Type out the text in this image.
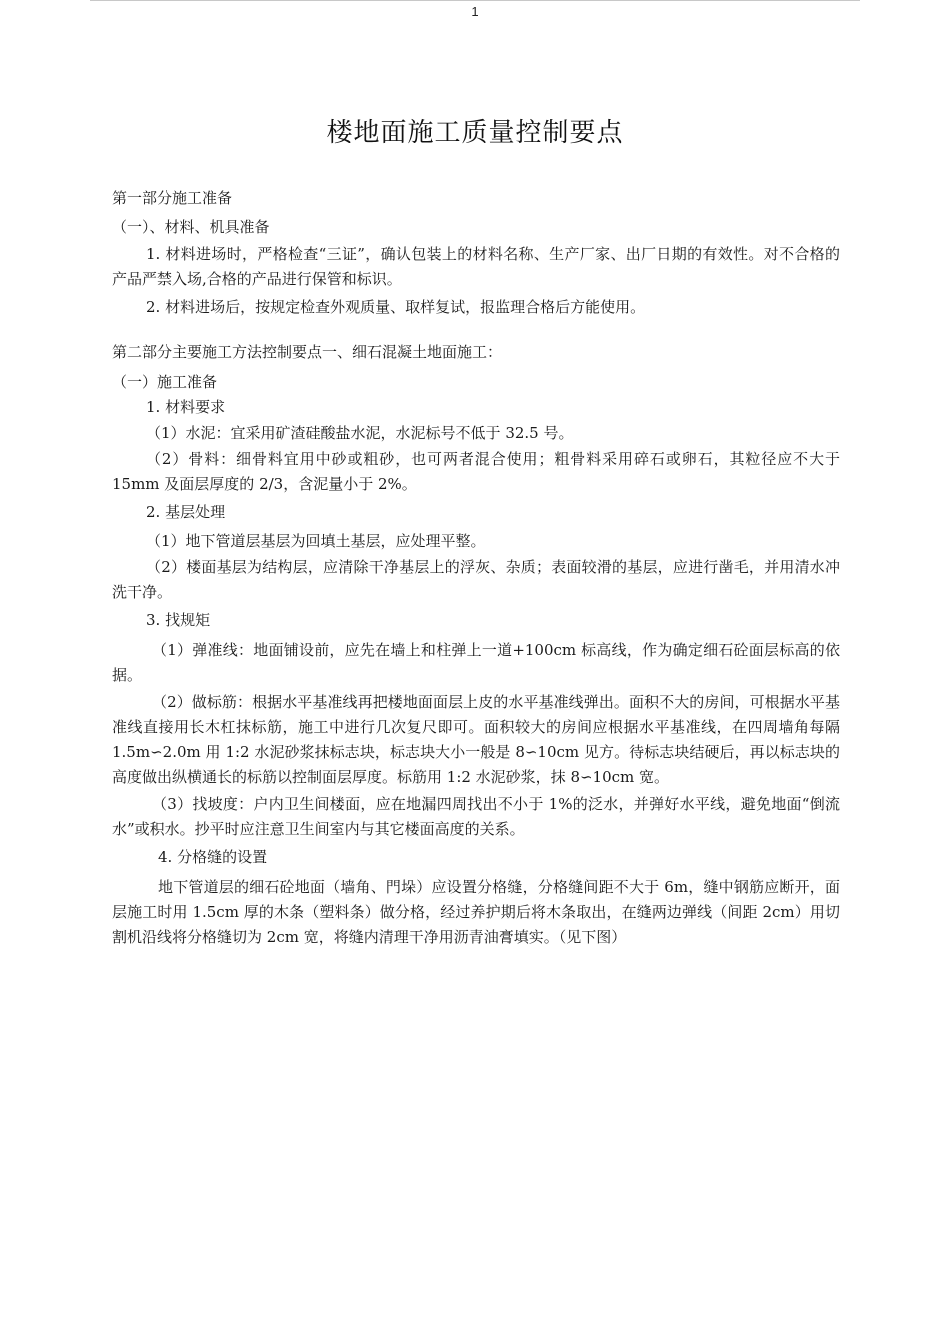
1
楼地面施工质量控制要点

第一部分施工准备

（一）、材料、机具准备

1. 材料进场时，严格检查“三证”，确认包装上的材料名称、生产厂家、出厂日期的有效性。对不合格的产品严禁入场,合格的产品进行保管和标识。

2. 材料进场后，按规定检查外观质量、取样复试，报监理合格后方能使用。

第二部分主要施工方法控制要点一、细石混凝土地面施工：

（一）施工准备

1. 材料要求

（1）水泥：宜采用矿渣硅酸盐水泥，水泥标号不低于 32.5 号。

（2）骨料：细骨料宜用中砂或粗砂，也可两者混合使用；粗骨料采用碎石或卵石，其粒径应不大于 15mm 及面层厚度的 2/3，含泥量小于 2%。

2. 基层处理

（1）地下管道层基层为回填土基层，应处理平整。

（2）楼面基层为结构层，应清除干净基层上的浮灰、杂质；表面较滑的基层，应进行凿毛，并用清水冲洗干净。

3. 找规矩

（1）弹准线：地面铺设前，应先在墙上和柱弹上一道+100cm 标高线，作为确定细石砼面层标高的依据。

（2）做标筋：根据水平基准线再把楼地面面层上皮的水平基准线弹出。面积不大的房间，可根据水平基准线直接用长木杠抹标筋，施工中进行几次复尺即可。面积较大的房间应根据水平基准线，在四周墙角每隔 1.5m∽2.0m 用 1:2 水泥砂浆抹标志块，标志块大小一般是 8∽10cm 见方。待标志块结硬后，再以标志块的高度做出纵横通长的标筋以控制面层厚度。标筋用 1:2 水泥砂浆，抹 8∽10cm 宽。

（3）找坡度：户内卫生间楼面，应在地漏四周找出不小于 1%的泛水，并弹好水平线，避免地面“倒流水”或积水。抄平时应注意卫生间室内与其它楼面高度的关系。

4. 分格缝的设置

地下管道层的细石砼地面（墙角、門垛）应设置分格缝，分格缝间距不大于 6m，缝中钢筋应断开，面层施工时用 1.5cm 厚的木条（塑料条）做分格，经过养护期后将木条取出，在缝两边弹线（间距 2cm）用切割机沿线将分格缝切为 2cm 宽，将缝内清理干净用沥青油膏填实。（见下图）
